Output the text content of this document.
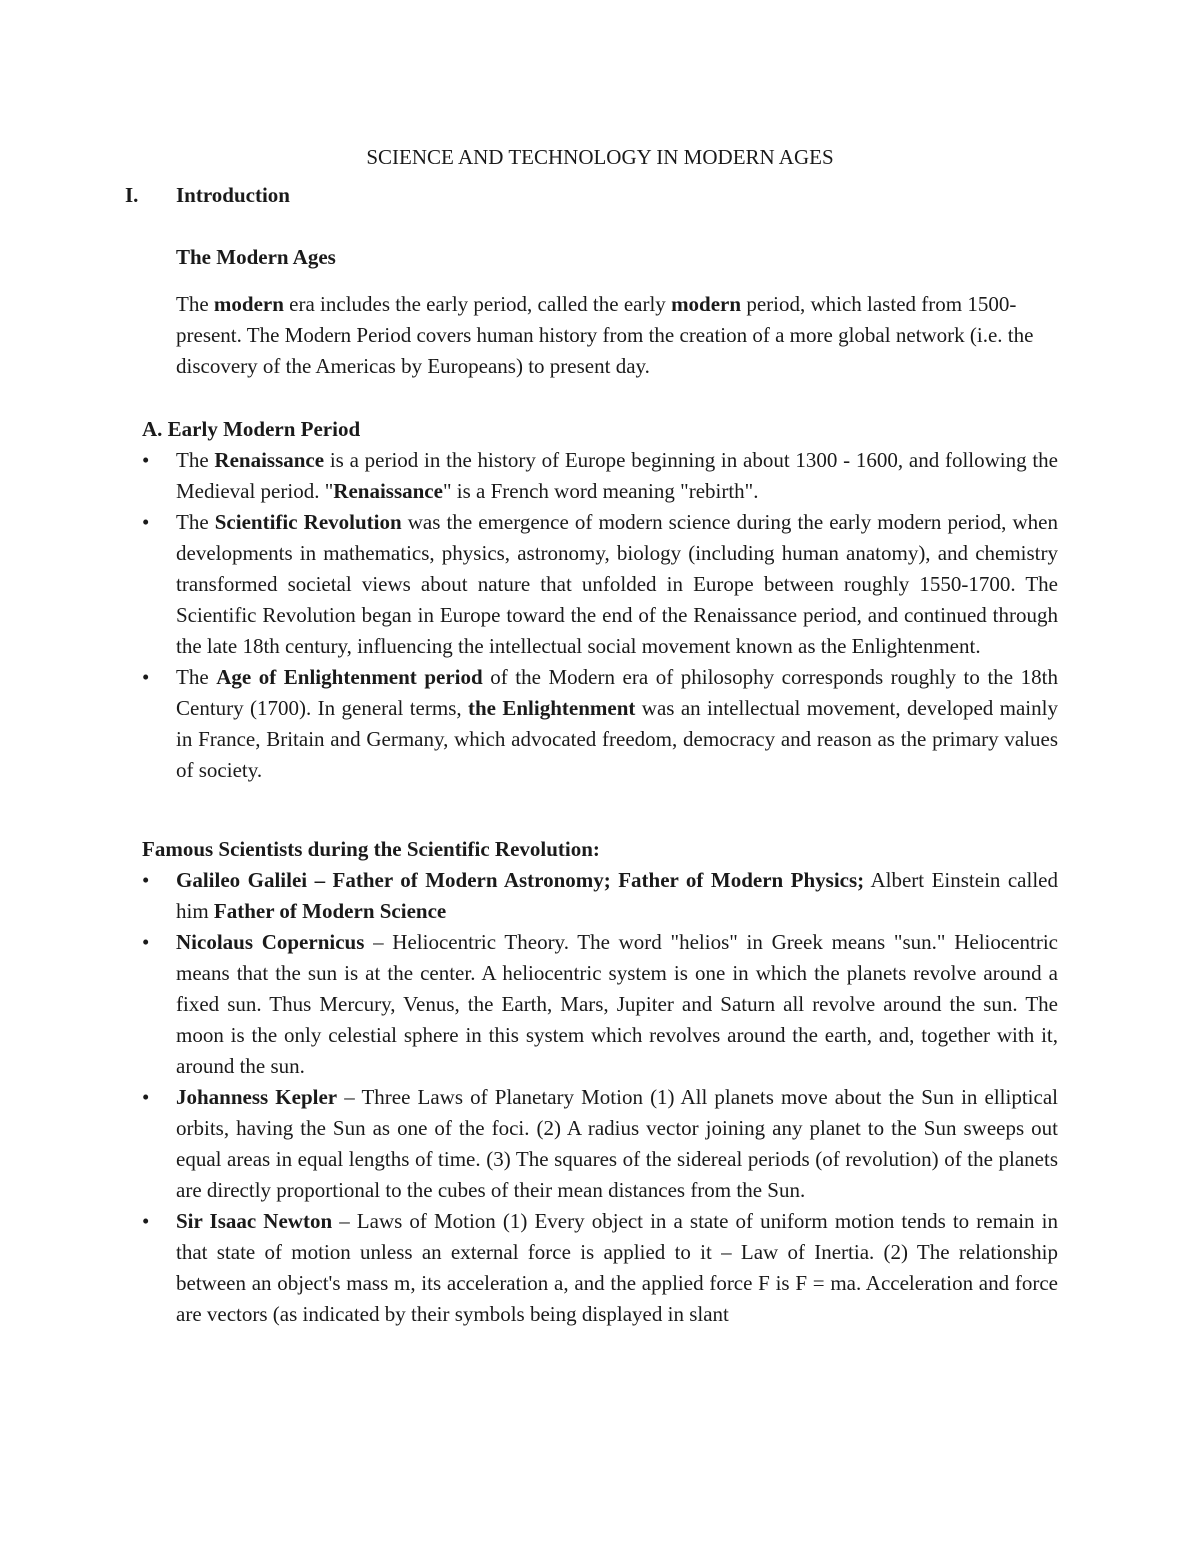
SCIENCE AND TECHNOLOGY IN MODERN AGES
I. Introduction
The Modern Ages
The modern era includes the early period, called the early modern period, which lasted from 1500- present. The Modern Period covers human history from the creation of a more global network (i.e. the discovery of the Americas by Europeans) to present day.
A. Early Modern Period
•	The Renaissance is a period in the history of Europe beginning in about 1300 - 1600, and following the Medieval period. "Renaissance" is a French word meaning "rebirth".
•	The Scientific Revolution was the emergence of modern science during the early modern period, when developments in mathematics, physics, astronomy, biology (including human anatomy), and chemistry transformed societal views about nature that unfolded in Europe between roughly 1550-1700. The Scientific Revolution began in Europe toward the end of the Renaissance period, and continued through the late 18th century, influencing the intellectual social movement known as the Enlightenment.
•	The Age of Enlightenment period of the Modern era of philosophy corresponds roughly to the 18th Century (1700). In general terms, the Enlightenment was an intellectual movement, developed mainly in France, Britain and Germany, which advocated freedom, democracy and reason as the primary values of society.
Famous Scientists during the Scientific Revolution:
•	Galileo Galilei – Father of Modern Astronomy; Father of Modern Physics; Albert Einstein called him Father of Modern Science
•	Nicolaus Copernicus – Heliocentric Theory. The word "helios" in Greek means "sun." Heliocentric means that the sun is at the center. A heliocentric system is one in which the planets revolve around a fixed sun. Thus Mercury, Venus, the Earth, Mars, Jupiter and Saturn all revolve around the sun. The moon is the only celestial sphere in this system which revolves around the earth, and, together with it, around the sun.
•	Johanness Kepler – Three Laws of Planetary Motion (1) All planets move about the Sun in elliptical orbits, having the Sun as one of the foci. (2) A radius vector joining any planet to the Sun sweeps out equal areas in equal lengths of time. (3) The squares of the sidereal periods (of revolution) of the planets are directly proportional to the cubes of their mean distances from the Sun.
•	Sir Isaac Newton – Laws of Motion (1) Every object in a state of uniform motion tends to remain in that state of motion unless an external force is applied to it – Law of Inertia. (2) The relationship between an object's mass m, its acceleration a, and the applied force F is F = ma. Acceleration and force are vectors (as indicated by their symbols being displayed in slant
